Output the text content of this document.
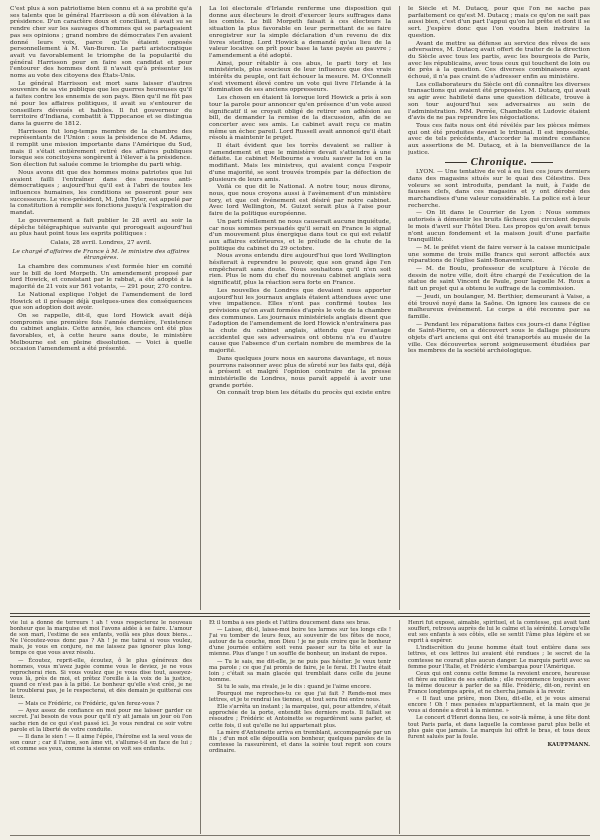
C'est plus à son patriotisme bien connu et à sa probité qu'à ses talents que le général Harrisson a dû son élévation à la présidence. D'un caractère doux et conciliant, il avait su se rendre cher sur les sauvages d'hommes qui se partageaient pas ses opinions ; grand nombre de démocrates l'en avaient donné leurs voix, parce qu'ils étaient opposés personnellement à M. Van-Buren. Le parti aristocratique avait vu favorablement le triomphe de la popularité du général Harrisson pour en faire son candidat et pour l'entourer des hommes dont il n'avait qu'à présenter les noms au vote des citoyens des États-Unis.

Le général Harrisson est mort sans laisser d'autres souvenirs de sa vie publique que les guerres heureuses qu'il a faites contre les ennemis de son pays. Bien qu'il ne fût pas né pour les affaires politiques, il avait su s'entourer de conseillers dévoués et habiles. Il fut gouverneur du territoire d'Indiana, combattit à Tippecanoe et se distingua dans la guerre de 1812.

Harrisson fut long-temps membre de la chambre des représentants de l'Union : sous la présidence de M. Adams, il remplit une mission importante dans l'Amérique du Sud, mais il s'était entièrement retiré des affaires publiques lorsque ses concitoyens songèrent à l'élever à la présidence. Son élection fut saluée comme le triomphe du parti whig.

Nous avons dit que des hommes moins patriotes que lui avaient failli l'entraîner dans des mesures anti-démocratiques ; aujourd'hui qu'il est à l'abri de toutes les influences humaines, les conditions se poseront pour ses successeurs. Le vice-président, M. John Tyler, est appelé par la constitution à remplir ses fonctions jusqu'à l'expiration du mandat.

Le gouvernement a fait publier le 28 avril au soir la dépêche télégraphique suivante qui prorogeait aujourd'hui au plus haut point tous les esprits politiques :

Calais, 28 avril. Londres, 27 avril.

Le chargé d'affaires de France à M. le ministre des affaires étrangères.

La chambre des communes s'est formée hier en comité sur le bill de lord Morpeth. Un amendement proposé par lord Howick, et consistant par le rabbat, a été adopté à la majorité de 21 voix sur 561 votants, — 291 pour, 270 contre.

Le National explique l'objet de l'amendement de lord Howick et il présage déjà quelques-unes des conséquences que son adoption doit avoir.

On se rappelle, dit-il, que lord Howick avait déjà compromis une première fois l'année dernière, l'existence du cabinet anglais. Cette année, les chances ont été plus favorables, et, à cette heure sans doute, le ministère Melbourne est en pleine dissolution. — Voici à quelle occasion l'amendement a été présenté.

La loi électorale d'Irlande renferme une disposition qui donne aux électeurs le droit d'exercer leurs suffrages dans les comtés. Le bill Morpeth faisait à ces électeurs la situation la plus favorable en leur permettant de se faire enregistrer sur la simple déclaration d'un revenu de dix livres sterling. Lord Howick a demandé qu'au lieu de la valeur locative on prît pour base la taxe payée au pauvre ; l'amendement a été adopté.

Ainsi, pour rétablir à ces abus, le parti tory et les ministériels, plus soucieux de leur influence que des vrais intérêts du peuple, ont fait échouer la mesure. M. O'Connell s'est vivement élevé contre un vote qui livre l'Irlande à la domination de ses anciens oppresseurs.

Les chosen en étaient là lorsque lord Howick a pris à son tour la parole pour annoncer qu'en présence d'un vote aussi significatif il se croyait obligé de retirer son adhésion au bill, de demander la remise de la discussion, afin de se concerter avec ses amis. Le cabinet avait reçu ce matin même un échec pareil. Lord Russell avait annoncé qu'il était résolu à maintenir le projet.

Il était évident que les torrès devaient se rallier à l'amendement et que le ministère devait s'attendre à une défaite. Le cabinet Melbourne a voulu sauver la loi en la modifiant. Mais les ministres, qui avaient conçu l'espoir d'une majorité, se sont trouvés trompés par la défection de plusieurs de leurs amis.

Voilà ce que dit le National. A notre tour, nous dirons, nous, que nous croyons aussi à l'avènement d'un ministère tory, et que cet événement est désiré par notre cabinet. Avec lord Wellington, M. Guizot serait plus à l'aise pour faire de la politique européenne.

Un parti réellement ne nous causerait aucune inquiétude, car nous sommes persuadés qu'il serait en France le signal d'un mouvement plus énergique dans tout ce qui est relatif aux affaires extérieures, et le prélude de la chute de la politique du cabinet du 29 octobre.

Nous avons entendu dire aujourd'hui que lord Wellington hésiterait à reprendre le pouvoir, que son grand âge l'en empêcherait sans doute. Nous souhaitons qu'il n'en soit rien. Plus le nom du chef du nouveau cabinet anglais sera significatif, plus la réaction sera forte en France.

Les nouvelles de Londres que devaient nous apporter aujourd'hui les journaux anglais étaient attendues avec une vive impatience. Elles n'ont pas confirmé toutes les prévisions qu'on avait formées d'après le vote de la chambre des communes. Les journaux ministériels anglais disent que l'adoption de l'amendement de lord Howick n'entraînera pas la chute du cabinet anglais, attendu que l'avantage accidentel que ses adversaires ont obtenu n'a eu d'autre cause que l'absence d'un certain nombre de membres de la majorité.

Dans quelques jours nous en saurons davantage, et nous pourrons raisonner avec plus de sûreté sur les faits qui, déjà à présent et malgré l'opinion contraire de la presse ministérielle de Londres, nous paraît appelé à avoir une grande portée.

On connaît trop bien les détails du procès qui existe entre

le Siècle et M. Dutacq, pour que l'on ne sache pas parfaitement ce qu'est M. Dutacq ; mais ce qu'on ne sait pas aussi bien, c'est d'un part l'appui qu'on lui prête et dont il se sert. J'espère donc que l'on voudra bien instruire la question.

Avant de mettre sa défense au service des rêves de ses adversaires, M. Dutacq avait offert de traiter de la direction du Siècle avec tous les partis, avec les bourgeois de Paris, avec les républicains, avec tous ceux qui touchent de loin ou de près à la question. Ces diverses combinaisons ayant échoué, il n'a pas craint de s'adresser enfin au ministère.

Les collaborateurs du Siècle ont dû connaître les diverses transactions qui avaient été proposées. M. Dutacq, qui avait su agir avec habileté dans une question délicate, trouve à son tour aujourd'hui ses adversaires au sein de l'administration. MM. Perrée, Chambolle et Ludovic étaient d'avis de ne pas reprendre les négociations.

Tous ces faits nous ont été révélés par les pièces mêmes qui ont été produites devant le tribunal. Il est impossible, avec de tels précédents, d'accorder la moindre confiance aux assertions de M. Dutacq, et à la bienveillance de la justice.

Chronique.

LYON. — Une tentative de vol à eu lieu ces jours derniers dans des magasins situés sur le quai des Célestins. Des voleurs se sont introduits, pendant la nuit, à l'aide de fausses clefs, dans ces magasins et y ont dérobé des marchandises d'une valeur considérable. La police est à leur recherche.

— On lit dans le Courrier de Lyon : Nous sommes autorisés à démentir les bruits fâcheux qui circulent depuis le mois d'avril sur l'hôtel Dieu. Les propos qu'on avait tenus n'ont aucun fondement et la maison jouit d'une parfaite tranquillité.

— M. le préfet vient de faire verser à la caisse municipale une somme de trois mille francs qui seront affectés aux réparations de l'église Saint-Bonaventure.

— M. de Boulu, professeur de sculpture à l'école de dessin de notre ville, doit être chargé de l'exécution de la statue de saint Vincent de Paule, pour laquelle M. Roux a fait un projet qui a obtenu le suffrage de la commission.

— Jeudi, un boulanger, M. Berthier, demeurant à Vaise, a été trouvé noyé dans la Saône. On ignore les causes de ce malheureux événement. Le corps a été reconnu par sa famille.

— Pendant les réparations faites ces jours-ci dans l'église de Saint-Pierre, on a découvert sous le dallage plusieurs objets d'art anciens qui ont été transportés au musée de la ville. Ces découvertes seront soigneusement étudiées par les membres de la société archéologique.

vie lui a donné de terreurs ! ah ! vous respecterez le nouveau bonheur que la marquise et moi l'avons aidée à se faire. L'amour de son mari, l'estime de ses enfants, voilà ses plus doux biens... Ne l'écoutez-vous donc pas ? Ah ! je me tairai si vous voulez, mais, je vous en conjure, ne me laissez pas ignorer plus long-temps ce que vous avez résolu.

— Écoutez, reprit-elle, écoutez, ô le plus généreux des hommes, vous m'avez jugée comme vous le deviez, je ne vous reprocherai rien. Si vous voulez que je vous dise tout, asseyez-vous là, près de moi, et prêtez l'oreille à la voix de la justice, quand ce n'est pas à la pitié. Le bonheur qu'elle s'est créé, je ne le troublerai pas, je le respecterai, et dès demain je quitterai ces lieux.

— Mais ce Frédéric, ce Frédéric, qu'en ferez-vous ?

— Ayez assez de confiance en moi pour me laisser garder ce secret. J'ai besoin de vous pour qu'il n'y ait jamais un jour où l'on sache rien de ce qui s'est passé ici. Je vous rendrai ce soir votre parole et la liberté de votre conduite.

— Il dans le sien ! — Il aime l'épée, l'héroïne est la seul vous de son cœur ; car il l'aime, son âme vit, s'allume-t-il en face de lui ; et comme ses yeux, comme la sienne on voit ses enfants.

Et il tomba à ses pieds et l'attira doucement dans ses bras.

— Laisse, dit-il, laisse-moi boire tes larmes sur tes longs cils ! J'ai vu tomber de leurs feux, au souvenir de tes fêtes de noce, autour de ta couche, mon Dieu ! je ne puis croire que le bonheur d'une journée entière soit venu passer sur ta tête et sur la mienne. Plus d'ange ! un souffle de bonheur, un instant de repos.

— Tu le sais, me dit-elle, je ne puis pas hésiter. Je veux tenir ma parole ; ce que j'ai promis de faire, je le ferai. Et l'autre était loin ; c'était sa main glacée qui tremblait dans celle du jeune homme.

Si tu le sais, ma rivale, je le dis : quand je l'aime encore.

Pourquoi me reproches-tu ce que j'ai fait ? Rends-moi mes lettres, et je te rendrai les tiennes, et tout sera fini entre nous.

Elle s'arrêta un instant ; la marquise, qui, pour attendre, s'était approchée de la porte, entendit les derniers mots. Il fallait se résoudre ; Frédéric et Antoinette se regardèrent sans parler, et cette fois, il sut qu'elle ne lui appartenait plus.

La mère d'Antoinette arriva en tremblant, accompagnée par un fils ; d'un mot elle dépouilla son bonheur, quelques paroles de la comtesse la rassurèrent, et dans la soirée tout reprit son cours ordinaire.

Henri fut exposé, aimable, spirituel, et la comtesse, qui avait tant souffert, retrouva auprès de lui le calme et la sérénité. Lorsqu'elle eut ses enfants à ses côtés, elle se sentit l'âme plus légère et se reprit à espérer.

L'indiscrétion du jeune homme était tout entière dans ses lettres, et ces lettres lui avaient été rendues ; le secret de la comtesse ne courait plus aucun danger. Le marquis partit avec sa femme pour l'Italie, et Frédéric s'embarqua pour l'Amérique.

Ceux qui ont connu cette femme la revoient encore, heureuse et fière au milieu de ses enfants ; elle recommence toujours avec la même douceur à parler de sa fille. Frédéric, dit-on, revint en France longtemps après, et ne chercha jamais à la revoir.

« Il faut une prière, mon Dieu, dit-elle, et je vous aimerai encore ! Oh ! mes pensées m'appartiennent, et la main que je vous ai donnée a droit à la mienne. »

Le concert d'Henri donna lieu, ce soir-là même, à une fête dont tout Paris parla, et dans laquelle la comtesse parut plus belle et plus gaie que jamais. Le marquis lui offrit le bras, et tous deux furent salués par la foule.

KAUFFMANN.
